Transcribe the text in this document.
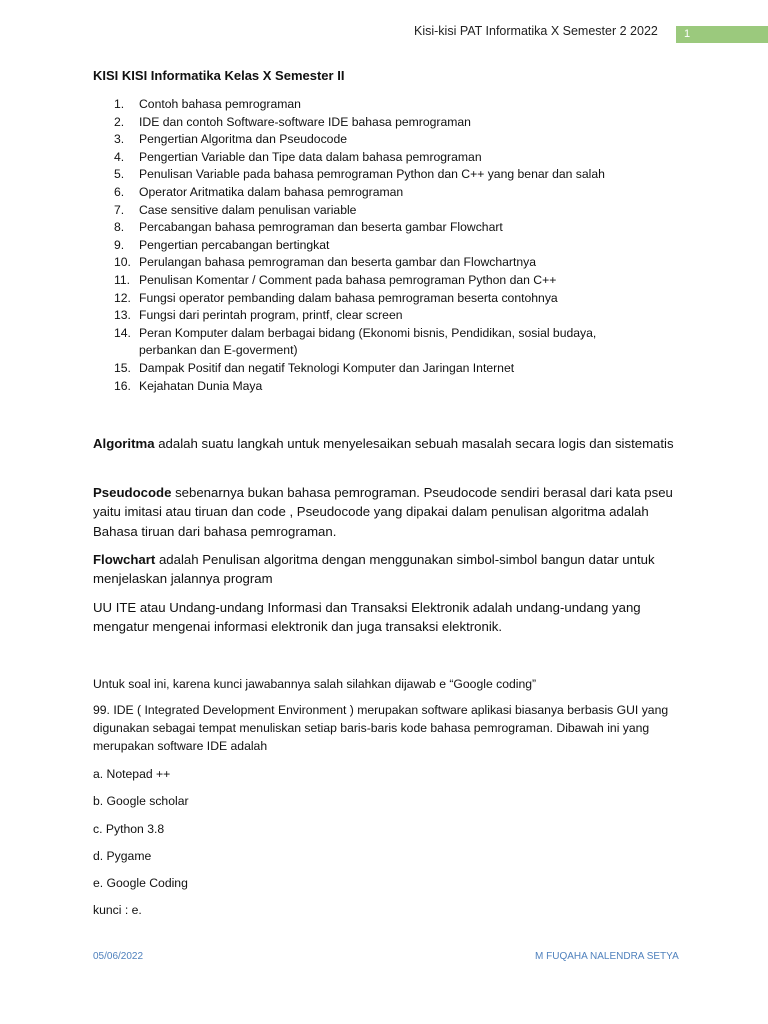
Kisi-kisi PAT Informatika X Semester 2 2022	1
KISI KISI Informatika Kelas X Semester II
1. Contoh bahasa pemrograman
2. IDE dan contoh Software-software IDE bahasa pemrograman
3. Pengertian Algoritma dan Pseudocode
4. Pengertian Variable dan Tipe data dalam bahasa pemrograman
5. Penulisan Variable pada bahasa pemrograman Python dan C++ yang benar dan salah
6. Operator Aritmatika dalam bahasa pemrograman
7. Case sensitive dalam penulisan variable
8. Percabangan bahasa pemrograman dan beserta gambar Flowchart
9. Pengertian percabangan bertingkat
10. Perulangan bahasa pemrograman dan beserta gambar dan Flowchartnya
11. Penulisan Komentar / Comment pada bahasa pemrograman Python dan C++
12. Fungsi operator pembanding dalam bahasa pemrograman beserta contohnya
13. Fungsi dari perintah program, printf, clear screen
14. Peran Komputer dalam berbagai bidang (Ekonomi bisnis, Pendidikan, sosial budaya, perbankan dan E-goverment)
15. Dampak Positif dan negatif Teknologi Komputer dan Jaringan Internet
16. Kejahatan Dunia Maya

Algoritma adalah suatu langkah untuk menyelesaikan sebuah masalah secara logis dan sistematis

Pseudocode sebenarnya bukan bahasa pemrograman. Pseudocode sendiri berasal dari kata pseu yaitu imitasi atau tiruan dan code , Pseudocode yang dipakai dalam penulisan algoritma adalah Bahasa tiruan dari bahasa pemrograman.

Flowchart adalah Penulisan algoritma dengan menggunakan simbol-simbol bangun datar untuk menjelaskan jalannya program

UU ITE atau Undang-undang Informasi dan Transaksi Elektronik adalah undang-undang yang mengatur mengenai informasi elektronik dan juga transaksi elektronik.

Untuk soal ini, karena kunci jawabannya salah silahkan dijawab e “Google coding”

99. IDE ( Integrated Development Environment ) merupakan software aplikasi biasanya berbasis GUI yang digunakan sebagai tempat menuliskan setiap baris-baris kode bahasa pemrograman. Dibawah ini yang merupakan software IDE adalah

a. Notepad ++

b. Google scholar

c. Python 3.8

d. Pygame

e. Google Coding

kunci : e.

05/06/2022	M FUQAHA NALENDRA SETYA
